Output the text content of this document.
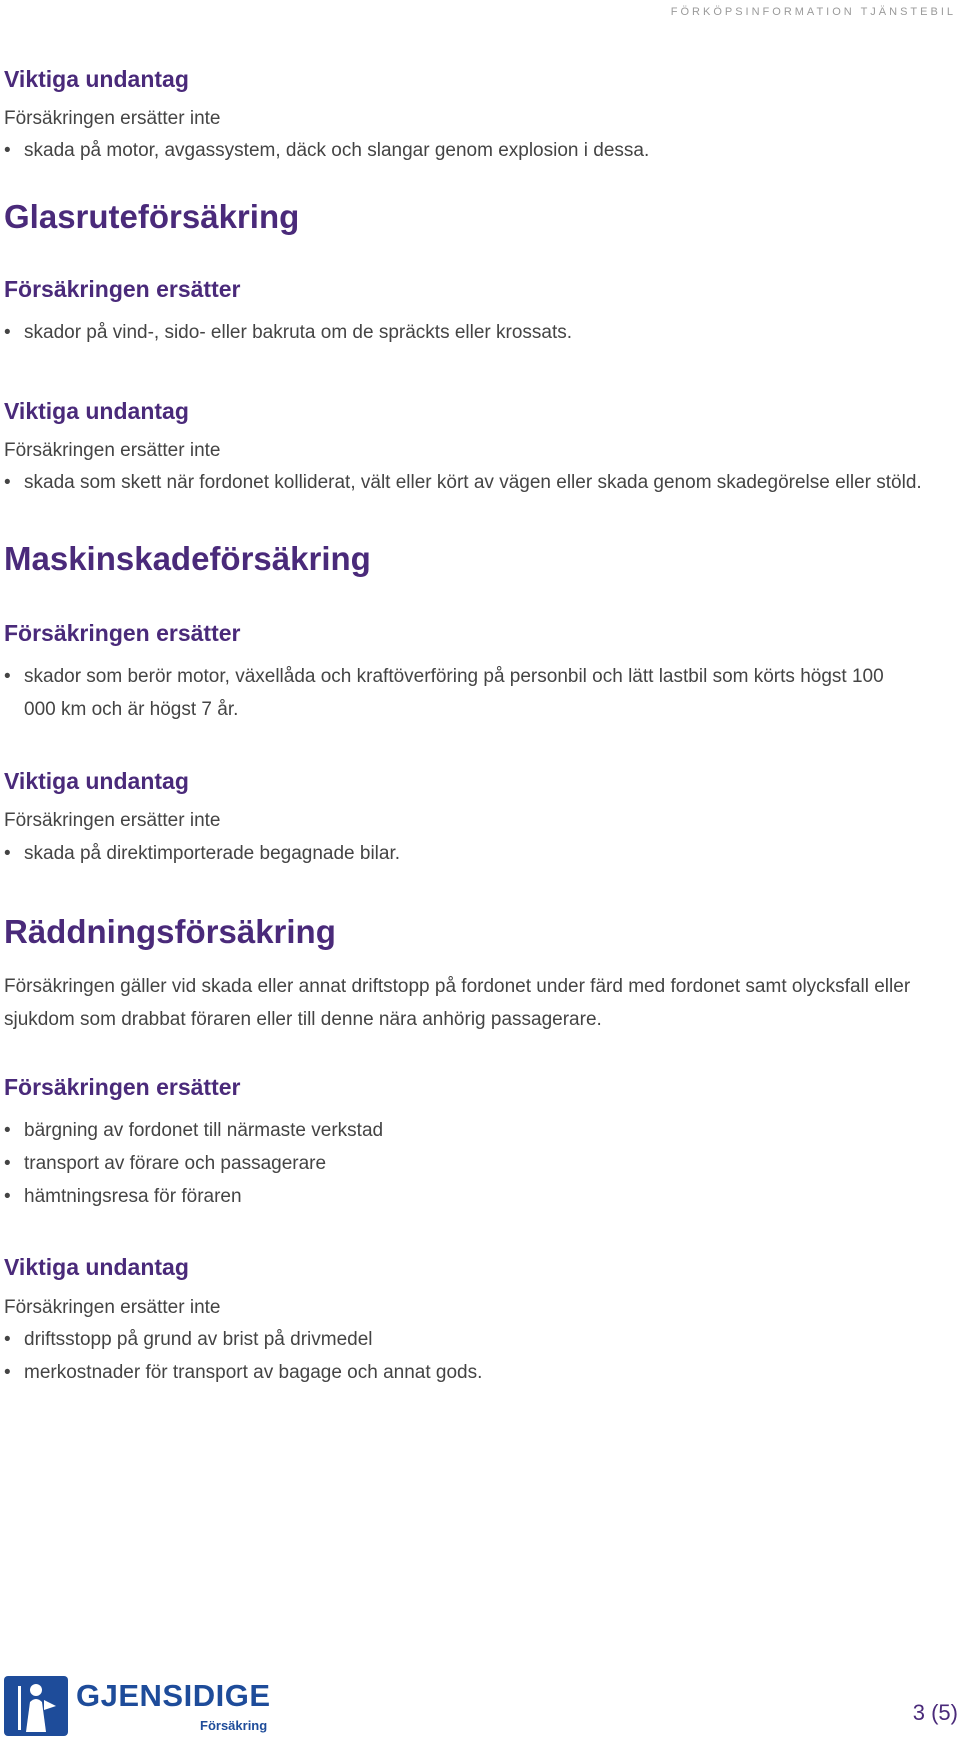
FÖRKÖPSINFORMATION TJÄNSTEBIL
Viktiga undantag
Försäkringen ersätter inte
• skada på motor, avgassystem, däck och slangar genom explosion i dessa.
Glasruteförsäkring
Försäkringen ersätter
• skador på vind-, sido- eller bakruta om de spräckts eller krossats.
Viktiga undantag
Försäkringen ersätter inte
• skada som skett när fordonet kolliderat, vält eller kört av vägen eller skada genom skadegörelse eller stöld.
Maskinskadeförsäkring
Försäkringen ersätter
• skador som berör motor, växellåda och kraftöverföring på personbil och lätt lastbil som körts högst 100 000 km och är högst 7 år.
Viktiga undantag
Försäkringen ersätter inte
• skada på direktimporterade begagnade bilar.
Räddningsförsäkring
Försäkringen gäller vid skada eller annat driftstopp på fordonet under färd med fordonet samt olycksfall eller sjukdom som drabbat föraren eller till denne nära anhörig passagerare.
Försäkringen ersätter
• bärgning av fordonet till närmaste verkstad
• transport av förare och passagerare
• hämtningsresa för föraren
Viktiga undantag
Försäkringen ersätter inte
• driftsstopp på grund av brist på drivmedel
• merkostnader för transport av bagage och annat gods.
GJENSIDIGE
Försäkring
3 (5)
